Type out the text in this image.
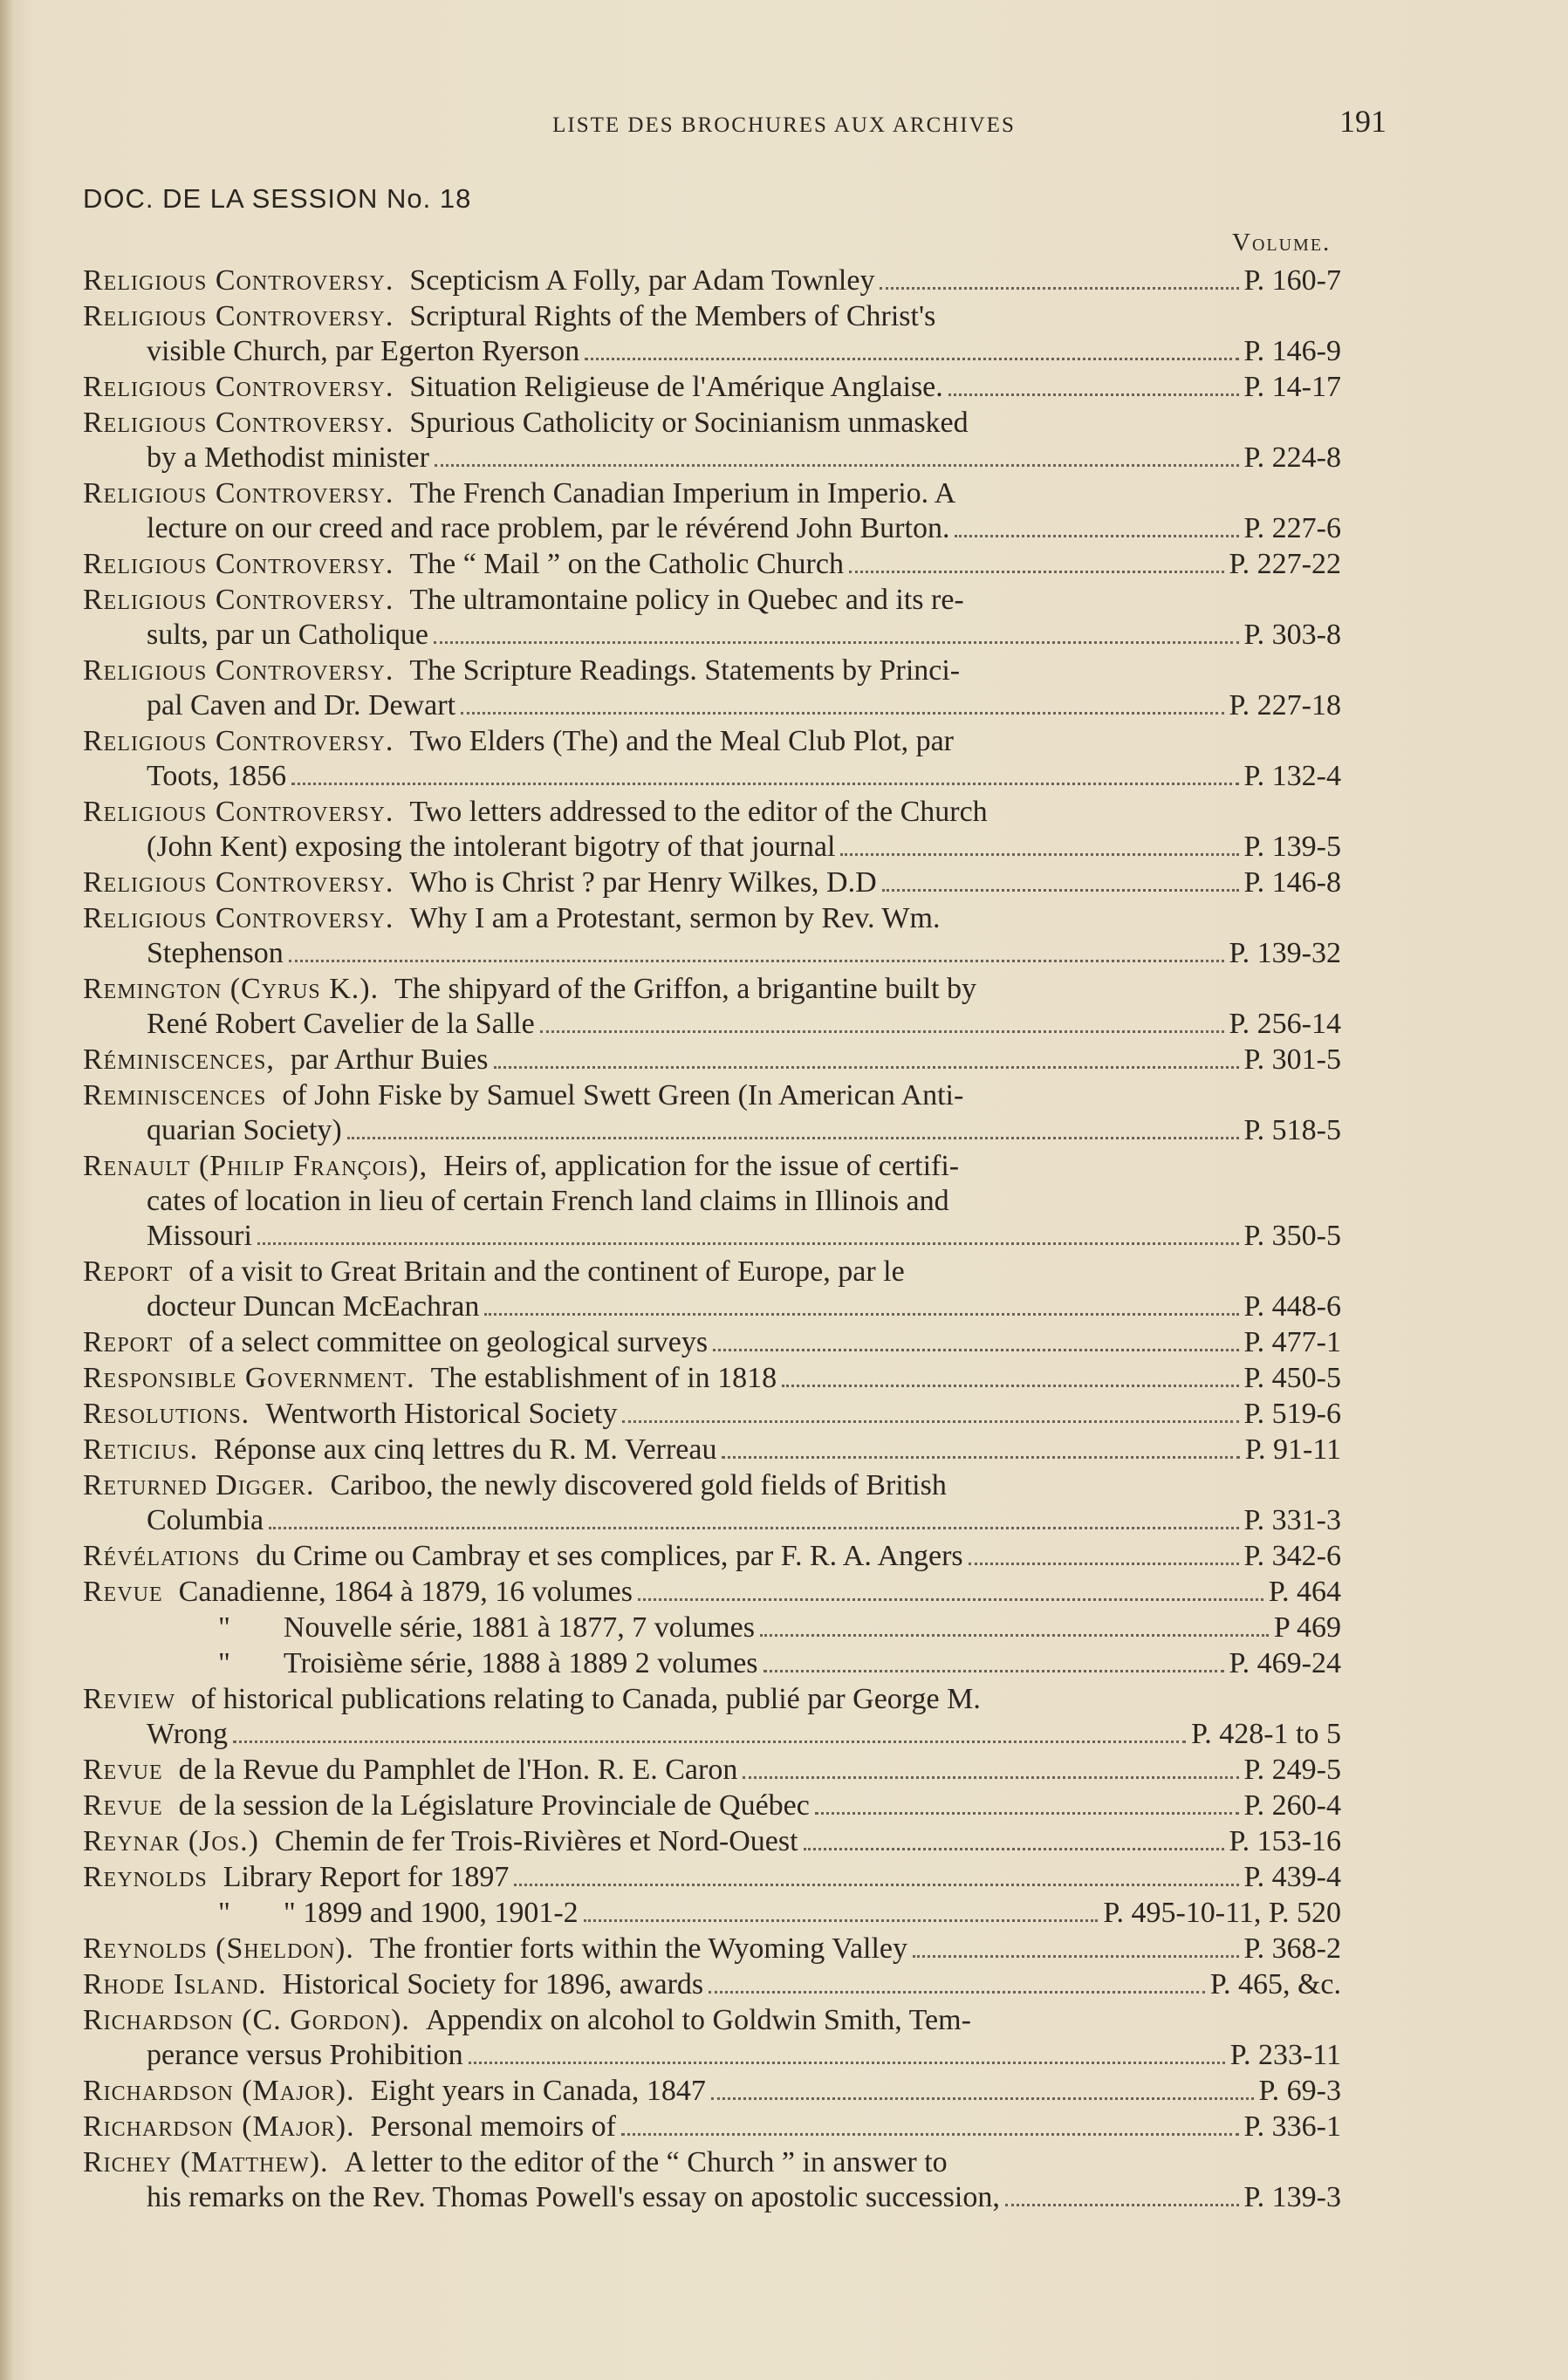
LISTE DES BROCHURES AUX ARCHIVES	191
DOC. DE LA SESSION No. 18
Volume.
Religious Controversy. Scepticism A Folly, par Adam Townley	P. 160-7
Religious Controversy. Scriptural Rights of the Members of Christ's
visible Church, par Egerton Ryerson	P. 146-9
Religious Controversy. Situation Religieuse de l'Amérique Anglaise.	P. 14-17
Religious Controversy. Spurious Catholicity or Socinianism unmasked
by a Methodist minister	P. 224-8
Religious Controversy. The French Canadian Imperium in Imperio. A
lecture on our creed and race problem, par le révérend John Burton.	P. 227-6
Religious Controversy. The “ Mail ” on the Catholic Church	P. 227-22
Religious Controversy. The ultramontaine policy in Quebec and its re-
sults, par un Catholique	P. 303-8
Religious Controversy. The Scripture Readings. Statements by Princi-
pal Caven and Dr. Dewart	P. 227-18
Religious Controversy. Two Elders (The) and the Meal Club Plot, par
Toots, 1856	P. 132-4
Religious Controversy. Two letters addressed to the editor of the Church
(John Kent) exposing the intolerant bigotry of that journal	P. 139-5
Religious Controversy. Who is Christ ? par Henry Wilkes, D.D	P. 146-8
Religious Controversy. Why I am a Protestant, sermon by Rev. Wm.
Stephenson	P. 139-32
Remington (Cyrus K.). The shipyard of the Griffon, a brigantine built by
René Robert Cavelier de la Salle	P. 256-14
Réminiscences, par Arthur Buies	P. 301-5
Reminiscences of John Fiske by Samuel Swett Green (In American Anti-
quarian Society)	P. 518-5
Renault (Philip François), Heirs of, application for the issue of certifi-
cates of location in lieu of certain French land claims in Illinois and
Missouri	P. 350-5
Report of a visit to Great Britain and the continent of Europe, par le
docteur Duncan McEachran	P. 448-6
Report of a select committee on geological surveys	P. 477-1
Responsible Government. The establishment of in 1818	P. 450-5
Resolutions. Wentworth Historical Society	P. 519-6
Reticius. Réponse aux cinq lettres du R. M. Verreau	P. 91-11
Returned Digger. Cariboo, the newly discovered gold fields of British
Columbia	P. 331-3
Révélations du Crime ou Cambray et ses complices, par F. R. A. Angers	P. 342-6
Revue Canadienne, 1864 à 1879, 16 volumes	P. 464
" Nouvelle série, 1881 à 1877, 7 volumes	P 469
" Troisième série, 1888 à 1889 2 volumes	P. 469-24
Review of historical publications relating to Canada, publié par George M.
Wrong	P. 428-1 to 5
Revue de la Revue du Pamphlet de l'Hon. R. E. Caron	P. 249-5
Revue de la session de la Législature Provinciale de Québec	P. 260-4
Reynar (Jos.) Chemin de fer Trois-Rivières et Nord-Ouest	P. 153-16
Reynolds Library Report for 1897	P. 439-4
" " 1899 and 1900, 1901-2	P. 495-10-11, P. 520
Reynolds (Sheldon). The frontier forts within the Wyoming Valley	P. 368-2
Rhode Island. Historical Society for 1896, awards	P. 465, &c.
Richardson (C. Gordon). Appendix on alcohol to Goldwin Smith, Tem-
perance versus Prohibition	P. 233-11
Richardson (Major). Eight years in Canada, 1847	P. 69-3
Richardson (Major). Personal memoirs of	P. 336-1
Richey (Matthew). A letter to the editor of the “ Church ” in answer to
his remarks on the Rev. Thomas Powell's essay on apostolic succession,	P. 139-3
